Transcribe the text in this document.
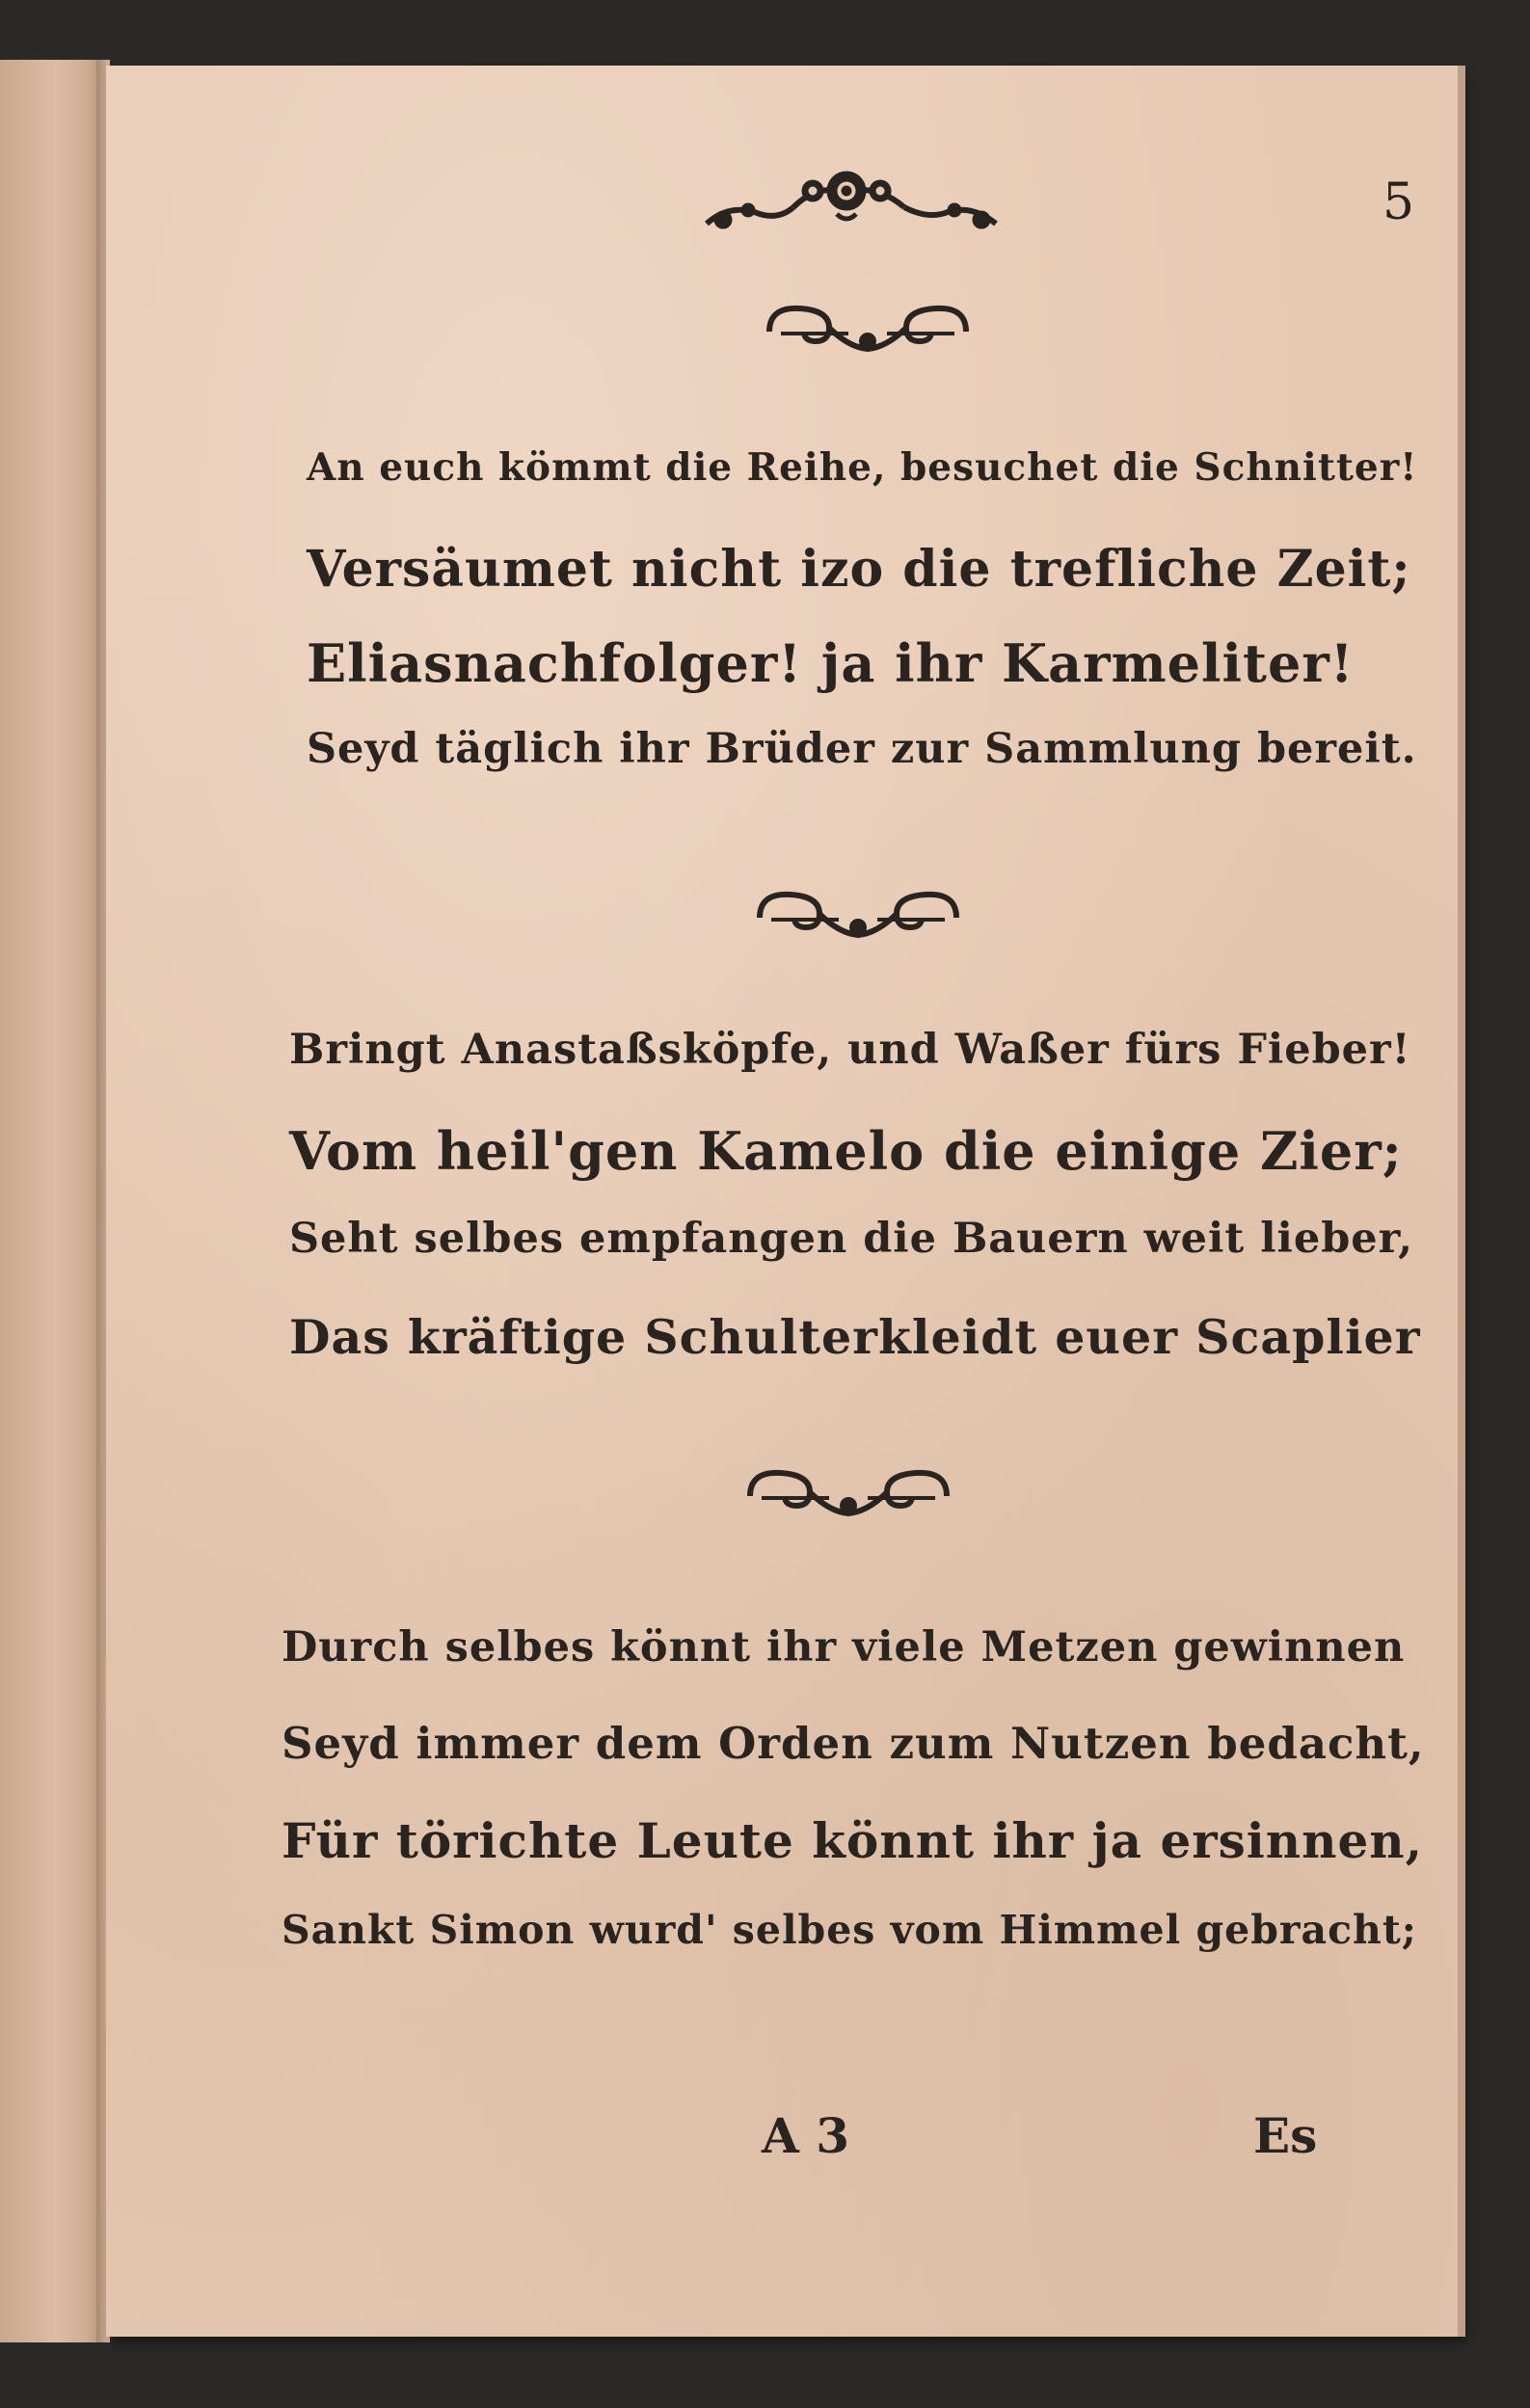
5
An euch kömmt die Reihe, besuchet die Schnitter!
Versäumet nicht izo die trefliche Zeit;
Eliasnachfolger! ja ihr Karmeliter!
Seyd täglich ihr Brüder zur Sammlung bereit.
Bringt Anastaßsköpfe, und Waßer fürs Fieber!
Vom heil'gen Kamelo die einige Zier;
Seht selbes empfangen die Bauern weit lieber,
Das kräftige Schulterkleidt euer Scaplier
Durch selbes könnt ihr viele Metzen gewinnen
Seyd immer dem Orden zum Nutzen bedacht,
Für törichte Leute könnt ihr ja ersinnen,
Sankt Simon wurd' selbes vom Himmel gebracht;
A 3	Es
